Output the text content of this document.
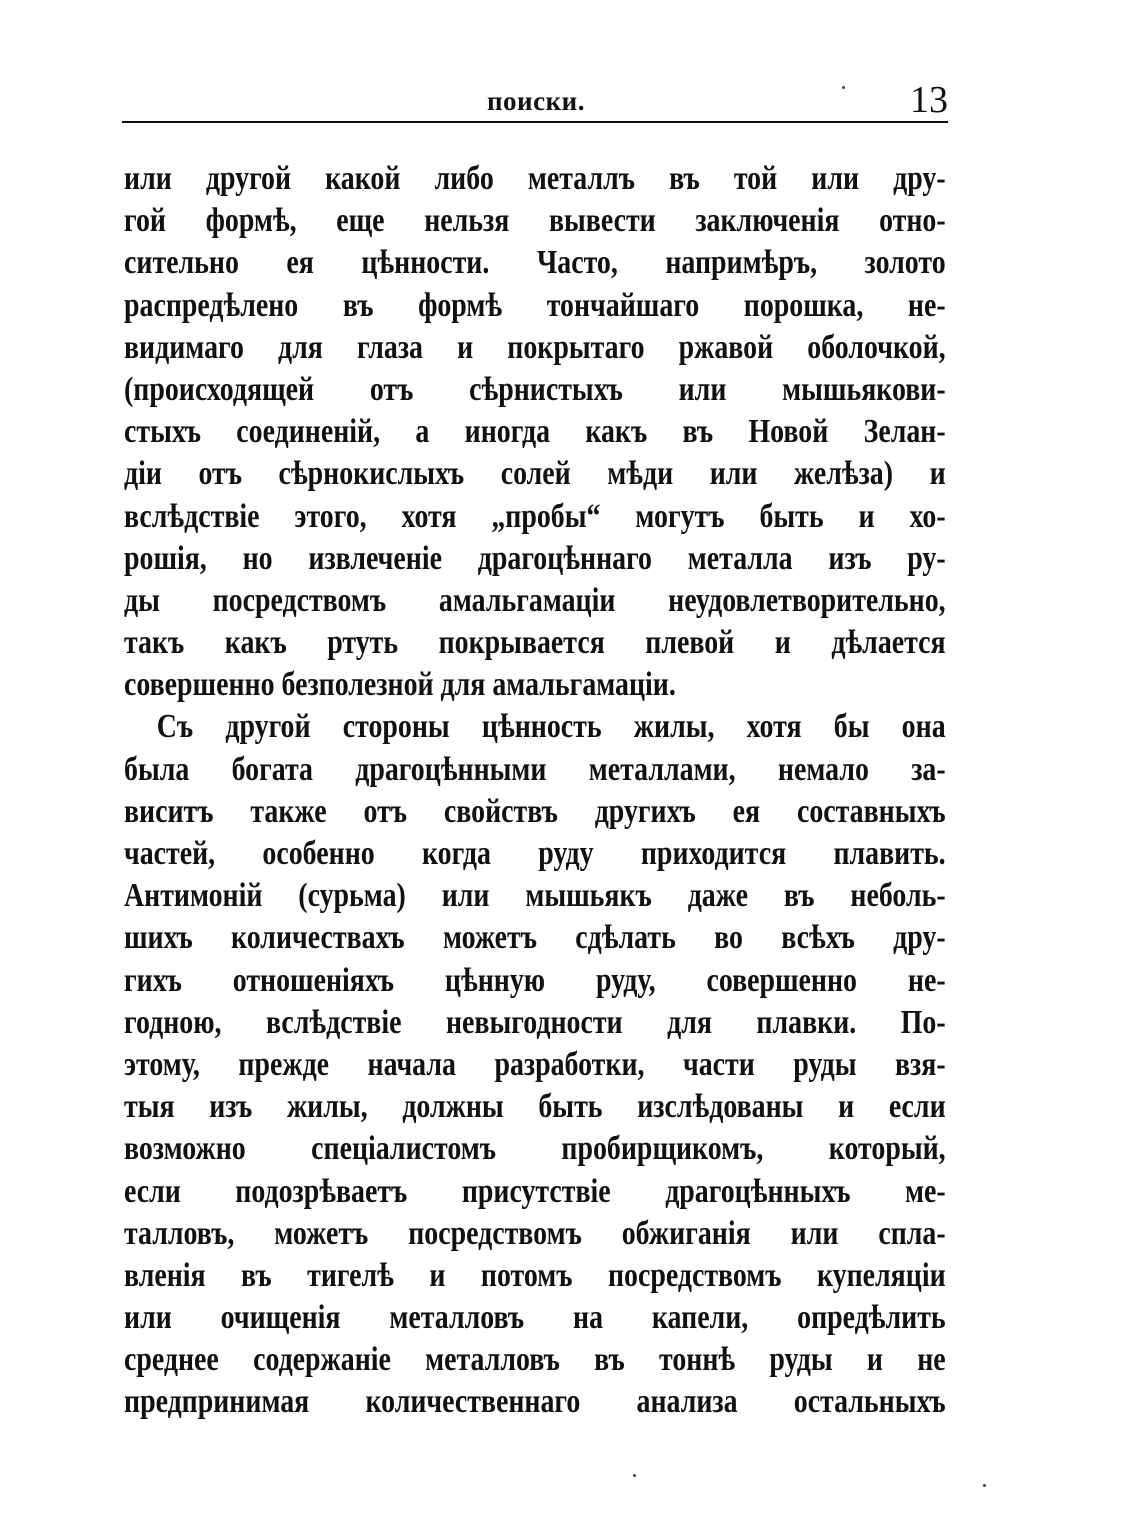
поиски.	13
или другой какой либо металлъ въ той или дру-
гой формѣ, еще нельзя вывести заключенія отно-
сительно ея цѣнности. Часто, напримѣръ, золото
распредѣлено въ формѣ тончайшаго порошка, не-
видимаго для глаза и покрытаго ржавой оболочкой,
(происходящей отъ сѣрнистыхъ или мышьякови-
стыхъ соединеній, а иногда какъ въ Новой Зелан-
діи отъ сѣрнокислыхъ солей мѣди или желѣза) и
вслѣдствіе этого, хотя „пробы“ могутъ быть и хо-
рошія, но извлеченіе драгоцѣннаго металла изъ ру-
ды посредствомъ амальгамаціи неудовлетворительно,
такъ какъ ртуть покрывается плевой и дѣлается
совершенно безполезной для амальгамаціи.
Съ другой стороны цѣнность жилы, хотя бы она
была богата драгоцѣнными металлами, немало за-
виситъ также отъ свойствъ другихъ ея составныхъ
частей, особенно когда руду приходится плавить.
Антимоній (сурьма) или мышьякъ даже въ неболь-
шихъ количествахъ можетъ сдѣлать во всѣхъ дру-
гихъ отношеніяхъ цѣнную руду, совершенно не-
годною, вслѣдствіе невыгодности для плавки. По-
этому, прежде начала разработки, части руды взя-
тыя изъ жилы, должны быть изслѣдованы и если
возможно спеціалистомъ пробирщикомъ, который,
если подозрѣваетъ присутствіе драгоцѣнныхъ ме-
талловъ, можетъ посредствомъ обжиганія или спла-
вленія въ тигелѣ и потомъ посредствомъ купеляціи
или очищенія металловъ на капели, опредѣлить
среднее содержаніе металловъ въ тоннѣ руды и не
предпринимая количественнаго анализа остальныхъ
